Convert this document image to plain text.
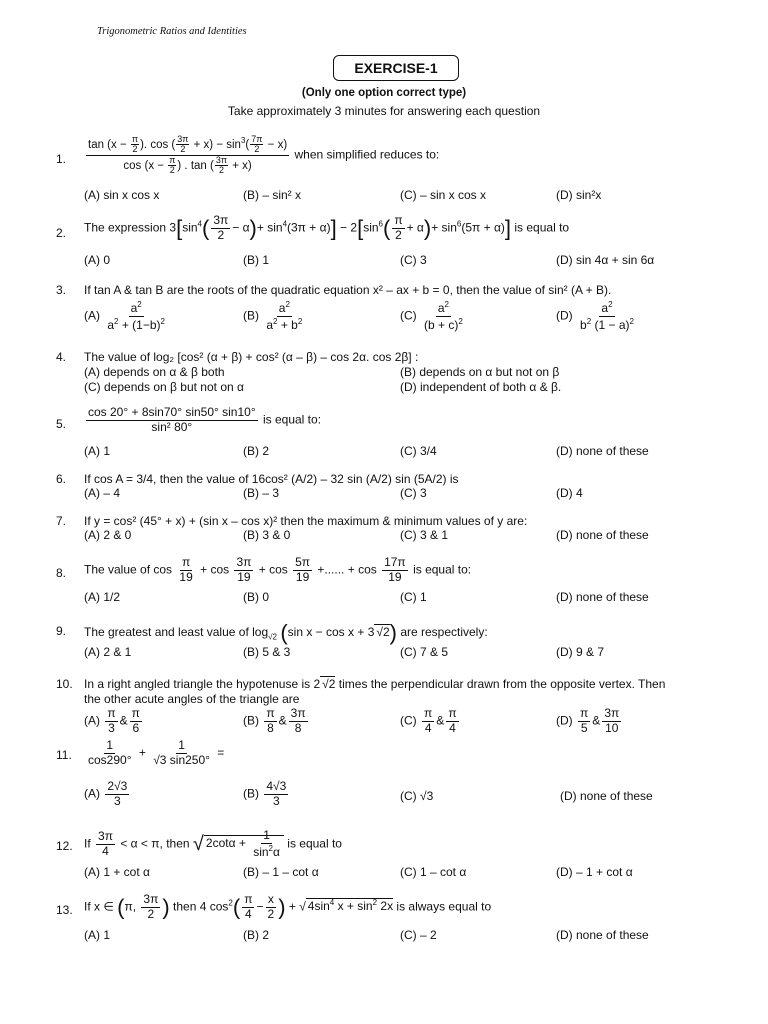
Trigonometric Ratios and Identities
EXERCISE-1
(Only one option correct type)
Take approximately 3 minutes for answering each question
1. $\frac{\tan (x - \frac{\pi}{2} ). \cos ( \frac{3\pi}{2} + x) - \sin^3( \frac{7\pi}{2} - x)}{\cos (x - \frac{\pi}{2} ) . \tan ( \frac{3\pi}{2} + x)}$ when simplified reduces to:
(A) sin x cos x	(B) – sin² x	(C) – sin x cos x	(D) sin²x
2. The expression $3[\sin^4( \frac{3\pi}{2} - \alpha)+ \sin^4(3\pi + \alpha)] - 2[\sin^6( \frac{\pi}{2} + \alpha)+ \sin^6(5\pi + \alpha)]$ is equal to
(A) 0	(B) 1	(C) 3	(D) sin 4α + sin 6α
3. If tan A & tan B are the roots of the quadratic equation x² – ax + b = 0, then the value of sin² (A + B).
$(A) \frac{a^2}{a^2 + (1-b)^2}$	$(B) \frac{a^2}{a^2 + b^2}$	$(C) \frac{a^2}{(b + c)^2}$	$(D) \frac{a^2}{b^2 (1 - a)^2}$
4. The value of log₂ [cos² (α + β) + cos² (α – β) – cos 2α. cos 2β] :
(A) depends on α & β both	(B) depends on α but not on β
(C) depends on β but not on α	(D) independent of both α & β.
5. $\frac{\cos 20^\circ + 8\sin 70^\circ \sin 50^\circ \sin 10^\circ}{\text{sin² 80°}}$ is equal to:
(A) 1	(B) 2	(C) 3/4	(D) none of these
6. If cos A = 3/4, then the value of 16cos² (A/2) – 32 sin (A/2) sin (5A/2) is
(A) – 4	(B) – 3	(C) 3	(D) 4
7. If y = cos² (45° + x) + (sin x – cos x)² then the maximum & minimum values of y are:
(A) 2 & 0	(B) 3 & 0	(C) 3 & 1	(D) none of these
8. The value of $\cos \frac{\pi}{19} + \cos \frac{3\pi}{19} + \cos \frac{5\pi}{19}$ +...... + $\cos \frac{17\pi}{19}$ is equal to:
(A) 1/2	(B) 0	(C) 1	(D) none of these
9. The greatest and least value of $\log_{√2} (\sin$ x − cos x + 3 √2) are respectively:
(A) 2 & 1	(B) 5 & 3	(C) 7 & 5	(D) 9 & 7
10. In a right angled triangle the hypotenuse is 2 √2 times the perpendicular drawn from the opposite vertex. Then
the other acute angles of the triangle are
$(A) \frac{\pi}{3}$ & $\frac{\pi}{6}$	$(B) \frac{\pi}{8}$ & $\frac{3\pi}{8}$	$(C) \frac{\pi}{4}$ & $\frac{\pi}{4}$	$(D) \frac{\pi}{5}$ & $\frac{3\pi}{10}$
11. $\frac{1}{\cos 290^\circ} + \frac{1}{√3 \sin 250^\circ}$ =
$(A) \frac{2√3}{3}$	$(B) \frac{4√3}{3}$	(C) √3	(D) none of these
12. If $\frac{3\pi}{4} < \alpha < \pi$, then √ $2\cot\alpha + \frac{1}{\sin^2\alpha}$ is equal to
(A) 1 + cot α	(B) – 1 – cot α	(C) 1 – cot α	(D) – 1 + cot α
13. If x ∈ (π, $\frac{3\pi}{2}$ ) then 4 $\cos^2( \frac{\pi}{4} - \frac{x}{2}$ ) + √ $4\sin^4$ $x + \sin^2 2x$ is always equal to
(A) 1	(B) 2	(C) – 2	(D) none of these
